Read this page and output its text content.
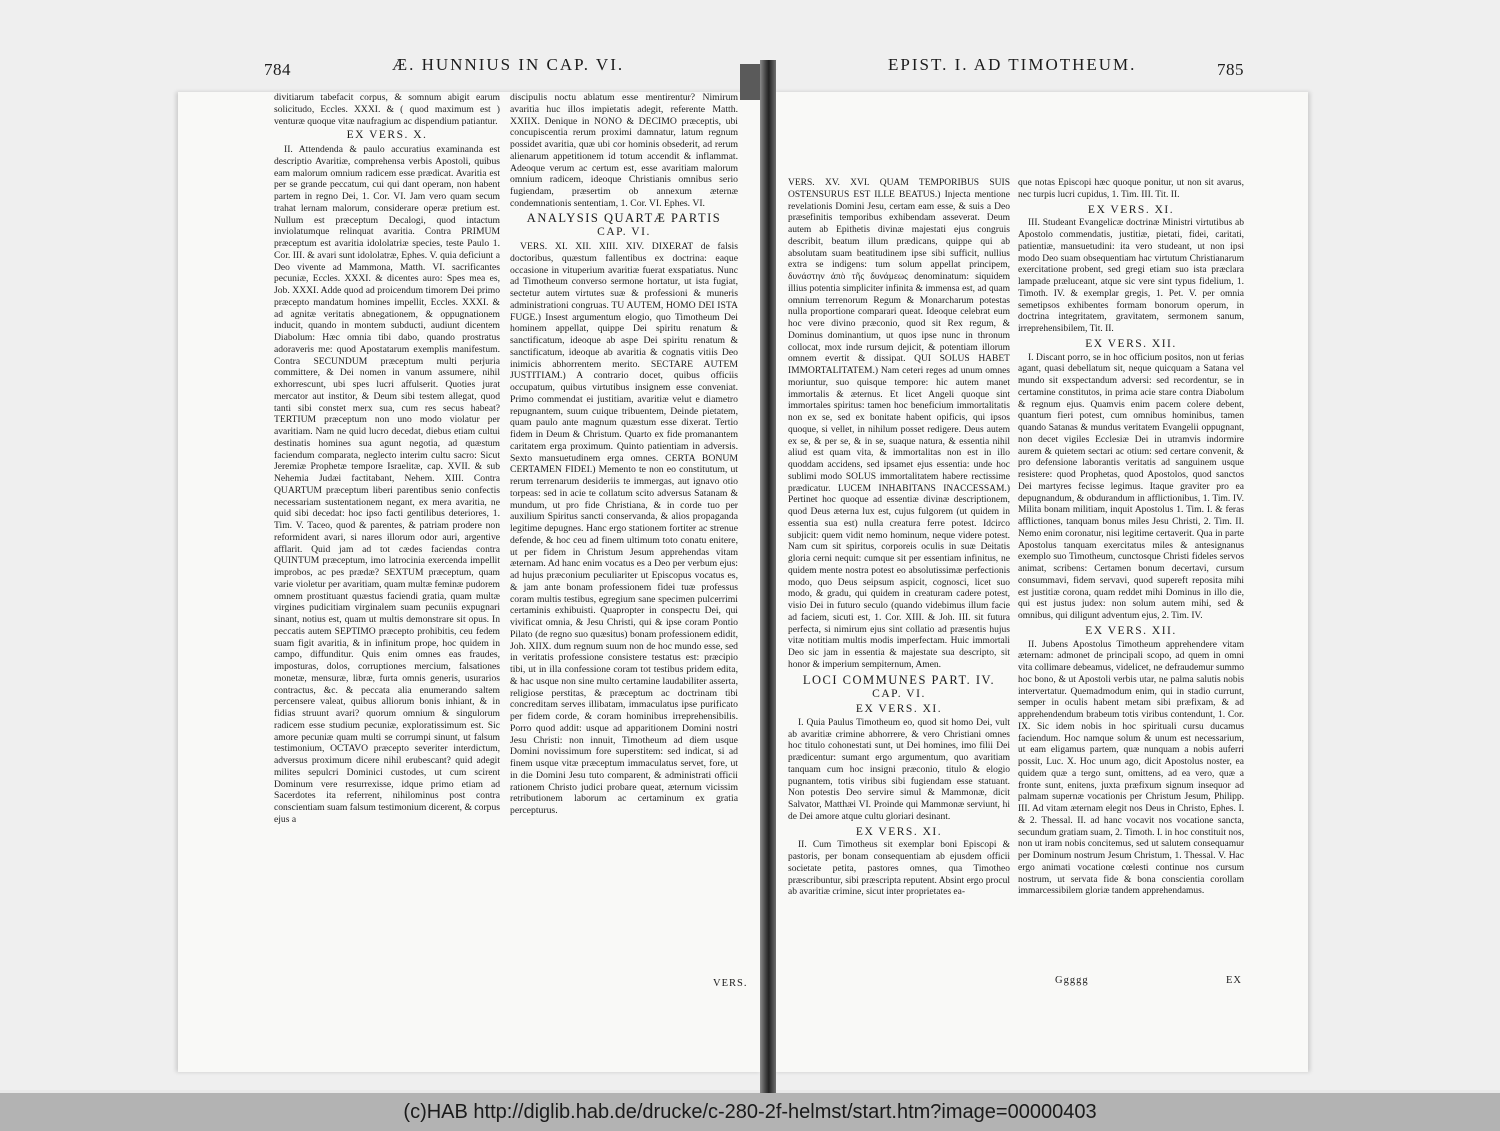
784	Æ. HUNNIUS IN CAP. VI.

divitiarum tabefacit corpus, & somnum abigit earum solicitudo, Eccles. XXXI. & ( quod maximum est ) venturæ quoque vitæ naufragium ac dispendium patiantur.

EX VERS. X.

II. Attendenda & paulo accuratius examinanda est descriptio Avaritiæ, comprehensa verbis Apostoli, quibus eam malorum omnium radicem esse prædicat. Avaritia est per se grande peccatum, cui qui dant operam, non habent partem in regno Dei, 1. Cor. VI. Jam vero quam secum trahat lernam malorum, considerare operæ pretium est. Nullum est præceptum Decalogi, quod intactum inviolatumque relinquat avaritia. Contra PRIMUM præceptum est avaritia idololatriæ species, teste Paulo 1. Cor. III. & avari sunt idololatræ, Ephes. V. quia deficiunt a Deo vivente ad Mammona, Matth. VI. sacrificantes pecuniæ, Eccles. XXXI. & dicentes auro: Spes mea es, Job. XXXI. Adde quod ad proicendum timorem Dei primo præcepto mandatum homines impellit, Eccles. XXXI. & ad agnitæ veritatis abnegationem, & oppugnationem inducit, quando in montem subducti, audiunt dicentem Diabolum: Hæc omnia tibi dabo, quando prostratus adoraveris me: quod Apostatarum exemplis manifestum. Contra SECUNDUM præceptum multi perjuria committere, & Dei nomen in vanum assumere, nihil exhorrescunt, ubi spes lucri affulserit. Quoties jurat mercator aut institor, & Deum sibi testem allegat, quod tanti sibi constet merx sua, cum res secus habeat? TERTIUM præceptum non uno modo violatur per avaritiam. Nam ne quid lucro decedat, diebus etiam cultui destinatis homines sua agunt negotia, ad quæstum faciendum comparata, neglecto interim cultu sacro: Sicut Jeremiæ Prophetæ tempore Israelitæ, cap. XVII. & sub Nehemia Judæi factitabant, Nehem. XIII. Contra QUARTUM præceptum liberi parentibus senio confectis necessariam sustentationem negant, ex mera avaritia, ne quid sibi decedat: hoc ipso facti gentilibus deteriores, 1. Tim. V. Taceo, quod & parentes, & patriam prodere non reformident avari, si nares illorum odor auri, argentive afflarit. Quid jam ad tot cædes faciendas contra QUINTUM præceptum, imo latrocinia exercenda impellit improbos, ac pes prædæ? SEXTUM præceptum, quam varie violetur per avaritiam, quam multæ feminæ pudorem omnem prostituant quæstus faciendi gratia, quam multæ virgines pudicitiam virginalem suam pecuniis expugnari sinant, notius est, quam ut multis demonstrare sit opus. In peccatis autem SEPTIMO præcepto prohibitis, ceu fedem suam figit avaritia, & in infinitum prope, hoc quidem in campo, diffunditur. Quis enim omnes eas fraudes, imposturas, dolos, corruptiones mercium, falsationes monetæ, mensuræ, libræ, furta omnis generis, usurarios contractus, &c. & peccata alia enumerando saltem percensere valeat, quibus alliorum bonis inhiant, & in fidias struunt avari? quorum omnium & singulorum radicem esse studium pecuniæ, exploratissimum est. Sic amore pecuniæ quam multi se corrumpi sinunt, ut falsum testimonium, OCTAVO præcepto severiter interdictum, adversus proximum dicere nihil erubescant? quid adegit milites sepulcri Dominici custodes, ut cum scirent Dominum vere resurrexisse, idque primo etiam ad Sacerdotes ita referrent, nihilominus post contra conscientiam suam falsum testimonium dicerent, & corpus ejus a

discipulis noctu ablatum esse mentirentur? Nimirum avaritia huc illos impietatis adegit, referente Matth. XXIIX. Denique in NONO & DECIMO præceptis, ubi concupiscentia rerum proximi damnatur, latum regnum possidet avaritia, quæ ubi cor hominis obsederit, ad rerum alienarum appetitionem id totum accendit & inflammat. Adeoque verum ac certum est, esse avaritiam malorum omnium radicem, ideoque Christianis omnibus serio fugiendam, præsertim ob annexum æternæ condemnationis sententiam, 1. Cor. VI. Ephes. VI.

ANALYSIS QUARTÆ PARTIS
CAP. VI.

VERS. XI. XII. XIII. XIV. DIXERAT de falsis doctoribus, quæstum fallentibus ex doctrina: eaque occasione in vituperium avaritiæ fuerat exspatiatus. Nunc ad Timotheum converso sermone hortatur, ut ista fugiat, sectetur autem virtutes suæ & professioni & muneris administrationi congruas. TU AUTEM, HOMO DEI ISTA FUGE.) Insest argumentum elogio, quo Timotheum Dei hominem appellat, quippe Dei spiritu renatum & sanctificatum, ideoque ab aspe Dei spiritu renatum & sanctificatum, ideoque ab avaritia & cognatis vitiis Deo inimicis abhorrentem merito. SECTARE AUTEM JUSTITIAM.) A contrario docet, quibus officiis occupatum, quibus virtutibus insignem esse conveniat. Primo commendat ei justitiam, avaritiæ velut e diametro repugnantem, suum cuique tribuentem, Deinde pietatem, quam paulo ante magnum quæstum esse dixerat. Tertio fidem in Deum & Christum. Quarto ex fide promanantem caritatem erga proximum. Quinto patientiam in adversis. Sexto mansuetudinem erga omnes. CERTA BONUM CERTAMEN FIDEI.) Memento te non eo constitutum, ut rerum terrenarum desideriis te immergas, aut ignavo otio torpeas: sed in acie te collatum scito adversus Satanam & mundum, ut pro fide Christiana, & in corde tuo per auxilium Spiritus sancti conservanda, & alios propaganda legitime depugnes. Hanc ergo stationem fortiter ac strenue defende, & hoc ceu ad finem ultimum toto conatu enitere, ut per fidem in Christum Jesum apprehendas vitam æternam. Ad hanc enim vocatus es a Deo per verbum ejus: ad hujus præconium peculiariter ut Episcopus vocatus es, & jam ante bonam professionem fidei tuæ professus coram multis testibus, egregium sane specimen pulcerrimi certaminis exhibuisti. Quapropter in conspectu Dei, qui vivificat omnia, & Jesu Christi, qui & ipse coram Pontio Pilato (de regno suo quæsitus) bonam professionem edidit, Joh. XIIX. dum regnum suum non de hoc mundo esse, sed in veritatis professione consistere testatus est: præcipio tibi, ut in illa confessione coram tot testibus pridem edita, & hac usque non sine multo certamine laudabiliter asserta, religiose perstitas, & præceptum ac doctrinam tibi concreditam serves illibatam, immaculatus ipse purificato per fidem corde, & coram hominibus irreprehensibilis. Porro quod addit: usque ad apparitionem Domini nostri Jesu Christi: non innuit, Timotheum ad diem usque Domini novissimum fore superstitem: sed indicat, si ad finem usque vitæ præceptum immaculatus servet, fore, ut in die Domini Jesu tuto comparent, & administrati officii rationem Christo judici probare queat, æternum vicissim retributionem laborum ac certaminum ex gratia percepturus.

VERS.
EPIST. I. AD TIMOTHEUM.	785

VERS. XV. XVI. QUAM TEMPORIBUS SUIS OSTENSURUS EST ILLE BEATUS.) Injecta mentione revelationis Domini Jesu, certam eam esse, & suis a Deo præsefinitis temporibus exhibendam asseverat. Deum autem ab Epithetis divinæ majestati ejus congruis describit, beatum illum prædicans, quippe qui ab absolutam suam beatitudinem ipse sibi sufficit, nullius extra se indigens: tum solum appellat principem, δυνάστην ἀπὸ τῆς δυνάμεως denominatum: siquidem illius potentia simpliciter infinita & immensa est, ad quam omnium terrenorum Regum & Monarcharum potestas nulla proportione comparari queat. Ideoque celebrat eum hoc vere divino præconio, quod sit Rex regum, & Dominus dominantium, ut quos ipse nunc in thronum collocat, mox inde rursum dejicit, & potentiam illorum omnem evertit & dissipat. QUI SOLUS HABET IMMORTALITATEM.) Nam ceteri reges ad unum omnes moriuntur, suo quisque tempore: hic autem manet immortalis & æternus. Et licet Angeli quoque sint immortales spiritus: tamen hoc beneficium immortalitatis non ex se, sed ex bonitate habent opificis, qui ipsos quoque, si vellet, in nihilum posset redigere. Deus autem ex se, & per se, & in se, suaque natura, & essentia nihil aliud est quam vita, & immortalitas non est in illo quoddam accidens, sed ipsamet ejus essentia: unde hoc sublimi modo SOLUS immortalitatem habere rectissime prædicatur. LUCEM INHABITANS INACCESSAM.) Pertinet hoc quoque ad essentiæ divinæ descriptionem, quod Deus æterna lux est, cujus fulgorem (ut quidem in essentia sua est) nulla creatura ferre potest. Idcirco subjicit: quem vidit nemo hominum, neque videre potest. Nam cum sit spiritus, corporeis oculis in suæ Deitatis gloria cerni nequit: cumque sit per essentiam infinitus, ne quidem mente nostra potest eo absolutissimæ perfectionis modo, quo Deus seipsum aspicit, cognosci, licet suo modo, & gradu, qui quidem in creaturam cadere potest, visio Dei in futuro seculo (quando videbimus illum facie ad faciem, sicuti est, 1. Cor. XIII. & Joh. III. sit futura perfecta, si nimirum ejus sint collatio ad præsentis hujus vitæ notitiam multis modis imperfectam. Huic immortali Deo sic jam in essentia & majestate sua descripto, sit honor & imperium sempiternum, Amen.

LOCI COMMUNES PART. IV.
CAP. VI.
EX VERS. XI.

I. Quia Paulus Timotheum eo, quod sit homo Dei, vult ab avaritiæ crimine abhorrere, & vero Christiani omnes hoc titulo cohonestati sunt, ut Dei homines, imo filii Dei prædicentur: sumant ergo argumentum, quo avaritiam tanquam cum hoc insigni præconio, titulo & elogio pugnantem, totis viribus sibi fugiendam esse statuant. Non potestis Deo servire simul & Mammonæ, dicit Salvator, Matthæi VI. Proinde qui Mammonæ serviunt, hi de Dei amore atque cultu gloriari desinant.

EX VERS. XI.

II. Cum Timotheus sit exemplar boni Episcopi & pastoris, per bonam consequentiam ab ejusdem officii societate petita, pastores omnes, qua Timotheo præscribuntur, sibi præscripta reputent. Absint ergo procul ab avaritiæ crimine, sicut inter proprietates ea-

que notas Episcopi hæc quoque ponitur, ut non sit avarus, nec turpis lucri cupidus, 1. Tim. III. Tit. II.

EX VERS. XI.

III. Studeant Evangelicæ doctrinæ Ministri virtutibus ab Apostolo commendatis, justitiæ, pietati, fidei, caritati, patientiæ, mansuetudini: ita vero studeant, ut non ipsi modo Deo suam obsequentiam hac virtutum Christianarum exercitatione probent, sed gregi etiam suo ista præclara lampade præluceant, atque sic vere sint typus fidelium, 1. Timoth. IV. & exemplar gregis, 1. Pet. V. per omnia semetipsos exhibentes formam bonorum operum, in doctrina integritatem, gravitatem, sermonem sanum, irreprehensibilem, Tit. II.

EX VERS. XII.

I. Discant porro, se in hoc officium positos, non ut ferias agant, quasi debellatum sit, neque quicquam a Satana vel mundo sit exspectandum adversi: sed recordentur, se in certamine constitutos, in prima acie stare contra Diabolum & regnum ejus. Quamvis enim pacem colere debent, quantum fieri potest, cum omnibus hominibus, tamen quando Satanas & mundus veritatem Evangelii oppugnant, non decet vigiles Ecclesiæ Dei in utramvis indormire aurem & quietem sectari ac otium: sed certare convenit, & pro defensione laborantis veritatis ad sanguinem usque resistere: quod Prophetas, quod Apostolos, quod sanctos Dei martyres fecisse legimus. Itaque graviter pro ea depugnandum, & obdurandum in afflictionibus, 1. Tim. IV. Milita bonam militiam, inquit Apostolus 1. Tim. I. & feras afflictiones, tanquam bonus miles Jesu Christi, 2. Tim. II. Nemo enim coronatur, nisi legitime certaverit. Qua in parte Apostolus tanquam exercitatus miles & antesignanus exemplo suo Timotheum, cunctosque Christi fideles servos animat, scribens: Certamen bonum decertavi, cursum consummavi, fidem servavi, quod supereft reposita mihi est justitiæ corona, quam reddet mihi Dominus in illo die, qui est justus judex: non solum autem mihi, sed & omnibus, qui diligunt adventum ejus, 2. Tim. IV.

EX VERS. XII.

II. Jubens Apostolus Timotheum apprehendere vitam æternam: admonet de principali scopo, ad quem in omni vita collimare debeamus, videlicet, ne defraudemur summo hoc bono, & ut Apostoli verbis utar, ne palma salutis nobis intervertatur. Quemadmodum enim, qui in stadio currunt, semper in oculis habent metam sibi præfixam, & ad apprehendendum brabeum totis viribus contendunt, 1. Cor. IX. Sic idem nobis in hoc spirituali cursu ducamus faciendum. Hoc namque solum & unum est necessarium, ut eam eligamus partem, quæ nunquam a nobis auferri possit, Luc. X. Hoc unum ago, dicit Apostolus noster, ea quidem quæ a tergo sunt, omittens, ad ea vero, quæ a fronte sunt, enitens, juxta præfixum signum insequor ad palmam supernæ vocationis per Christum Jesum, Philipp. III. Ad vitam æternam elegit nos Deus in Christo, Ephes. I. & 2. Thessal. II. ad hanc vocavit nos vocatione sancta, secundum gratiam suam, 2. Timoth. I. in hoc constituit nos, non ut iram nobis concitemus, sed ut salutem consequamur per Dominum nostrum Jesum Christum, 1. Thessal. V. Hac ergo animati vocatione cœlesti continue nos cursum nostrum, ut servata fide & bona conscientia corollam immarcessibilem gloriæ tandem apprehendamus.

Ggggg	EX
(c)HAB http://diglib.hab.de/drucke/c-280-2f-helmst/start.htm?image=00000403
